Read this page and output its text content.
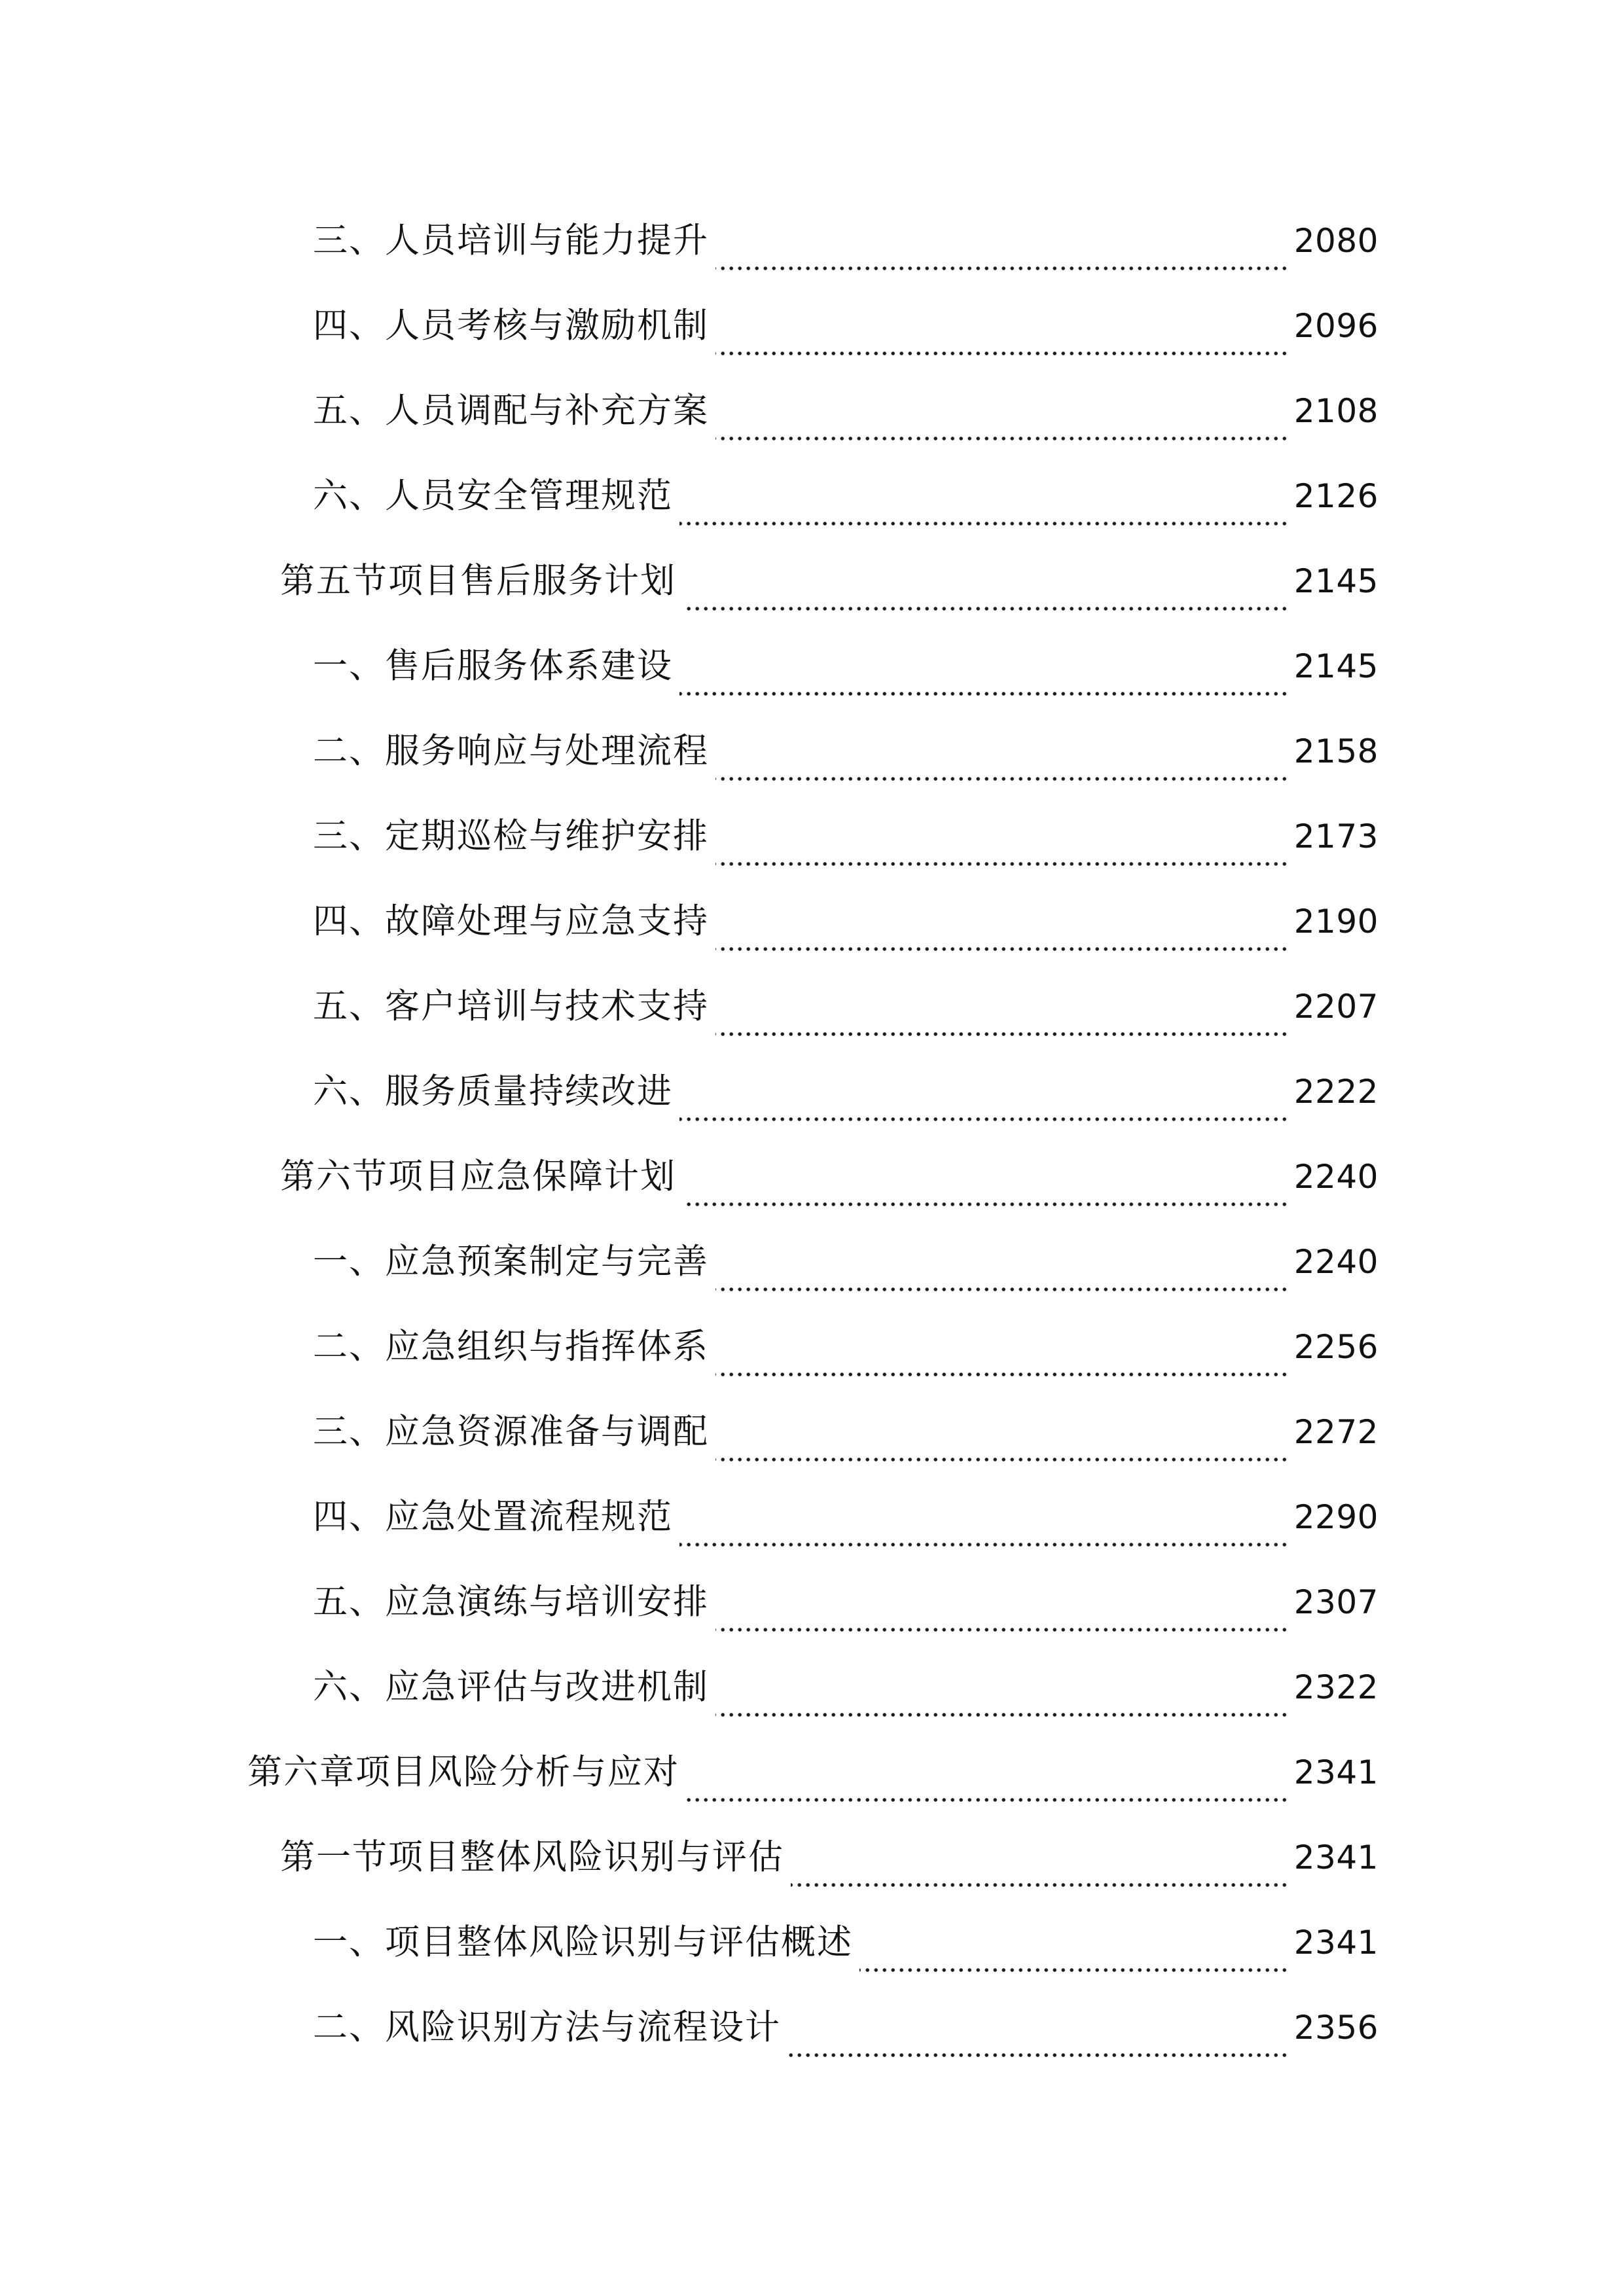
三、人员培训与能力提升	2080
四、人员考核与激励机制	2096
五、人员调配与补充方案	2108
六、人员安全管理规范	2126
第五节项目售后服务计划	2145
一、售后服务体系建设	2145
二、服务响应与处理流程	2158
三、定期巡检与维护安排	2173
四、故障处理与应急支持	2190
五、客户培训与技术支持	2207
六、服务质量持续改进	2222
第六节项目应急保障计划	2240
一、应急预案制定与完善	2240
二、应急组织与指挥体系	2256
三、应急资源准备与调配	2272
四、应急处置流程规范	2290
五、应急演练与培训安排	2307
六、应急评估与改进机制	2322
第六章项目风险分析与应对	2341
第一节项目整体风险识别与评估	2341
一、项目整体风险识别与评估概述	2341
二、风险识别方法与流程设计	2356
